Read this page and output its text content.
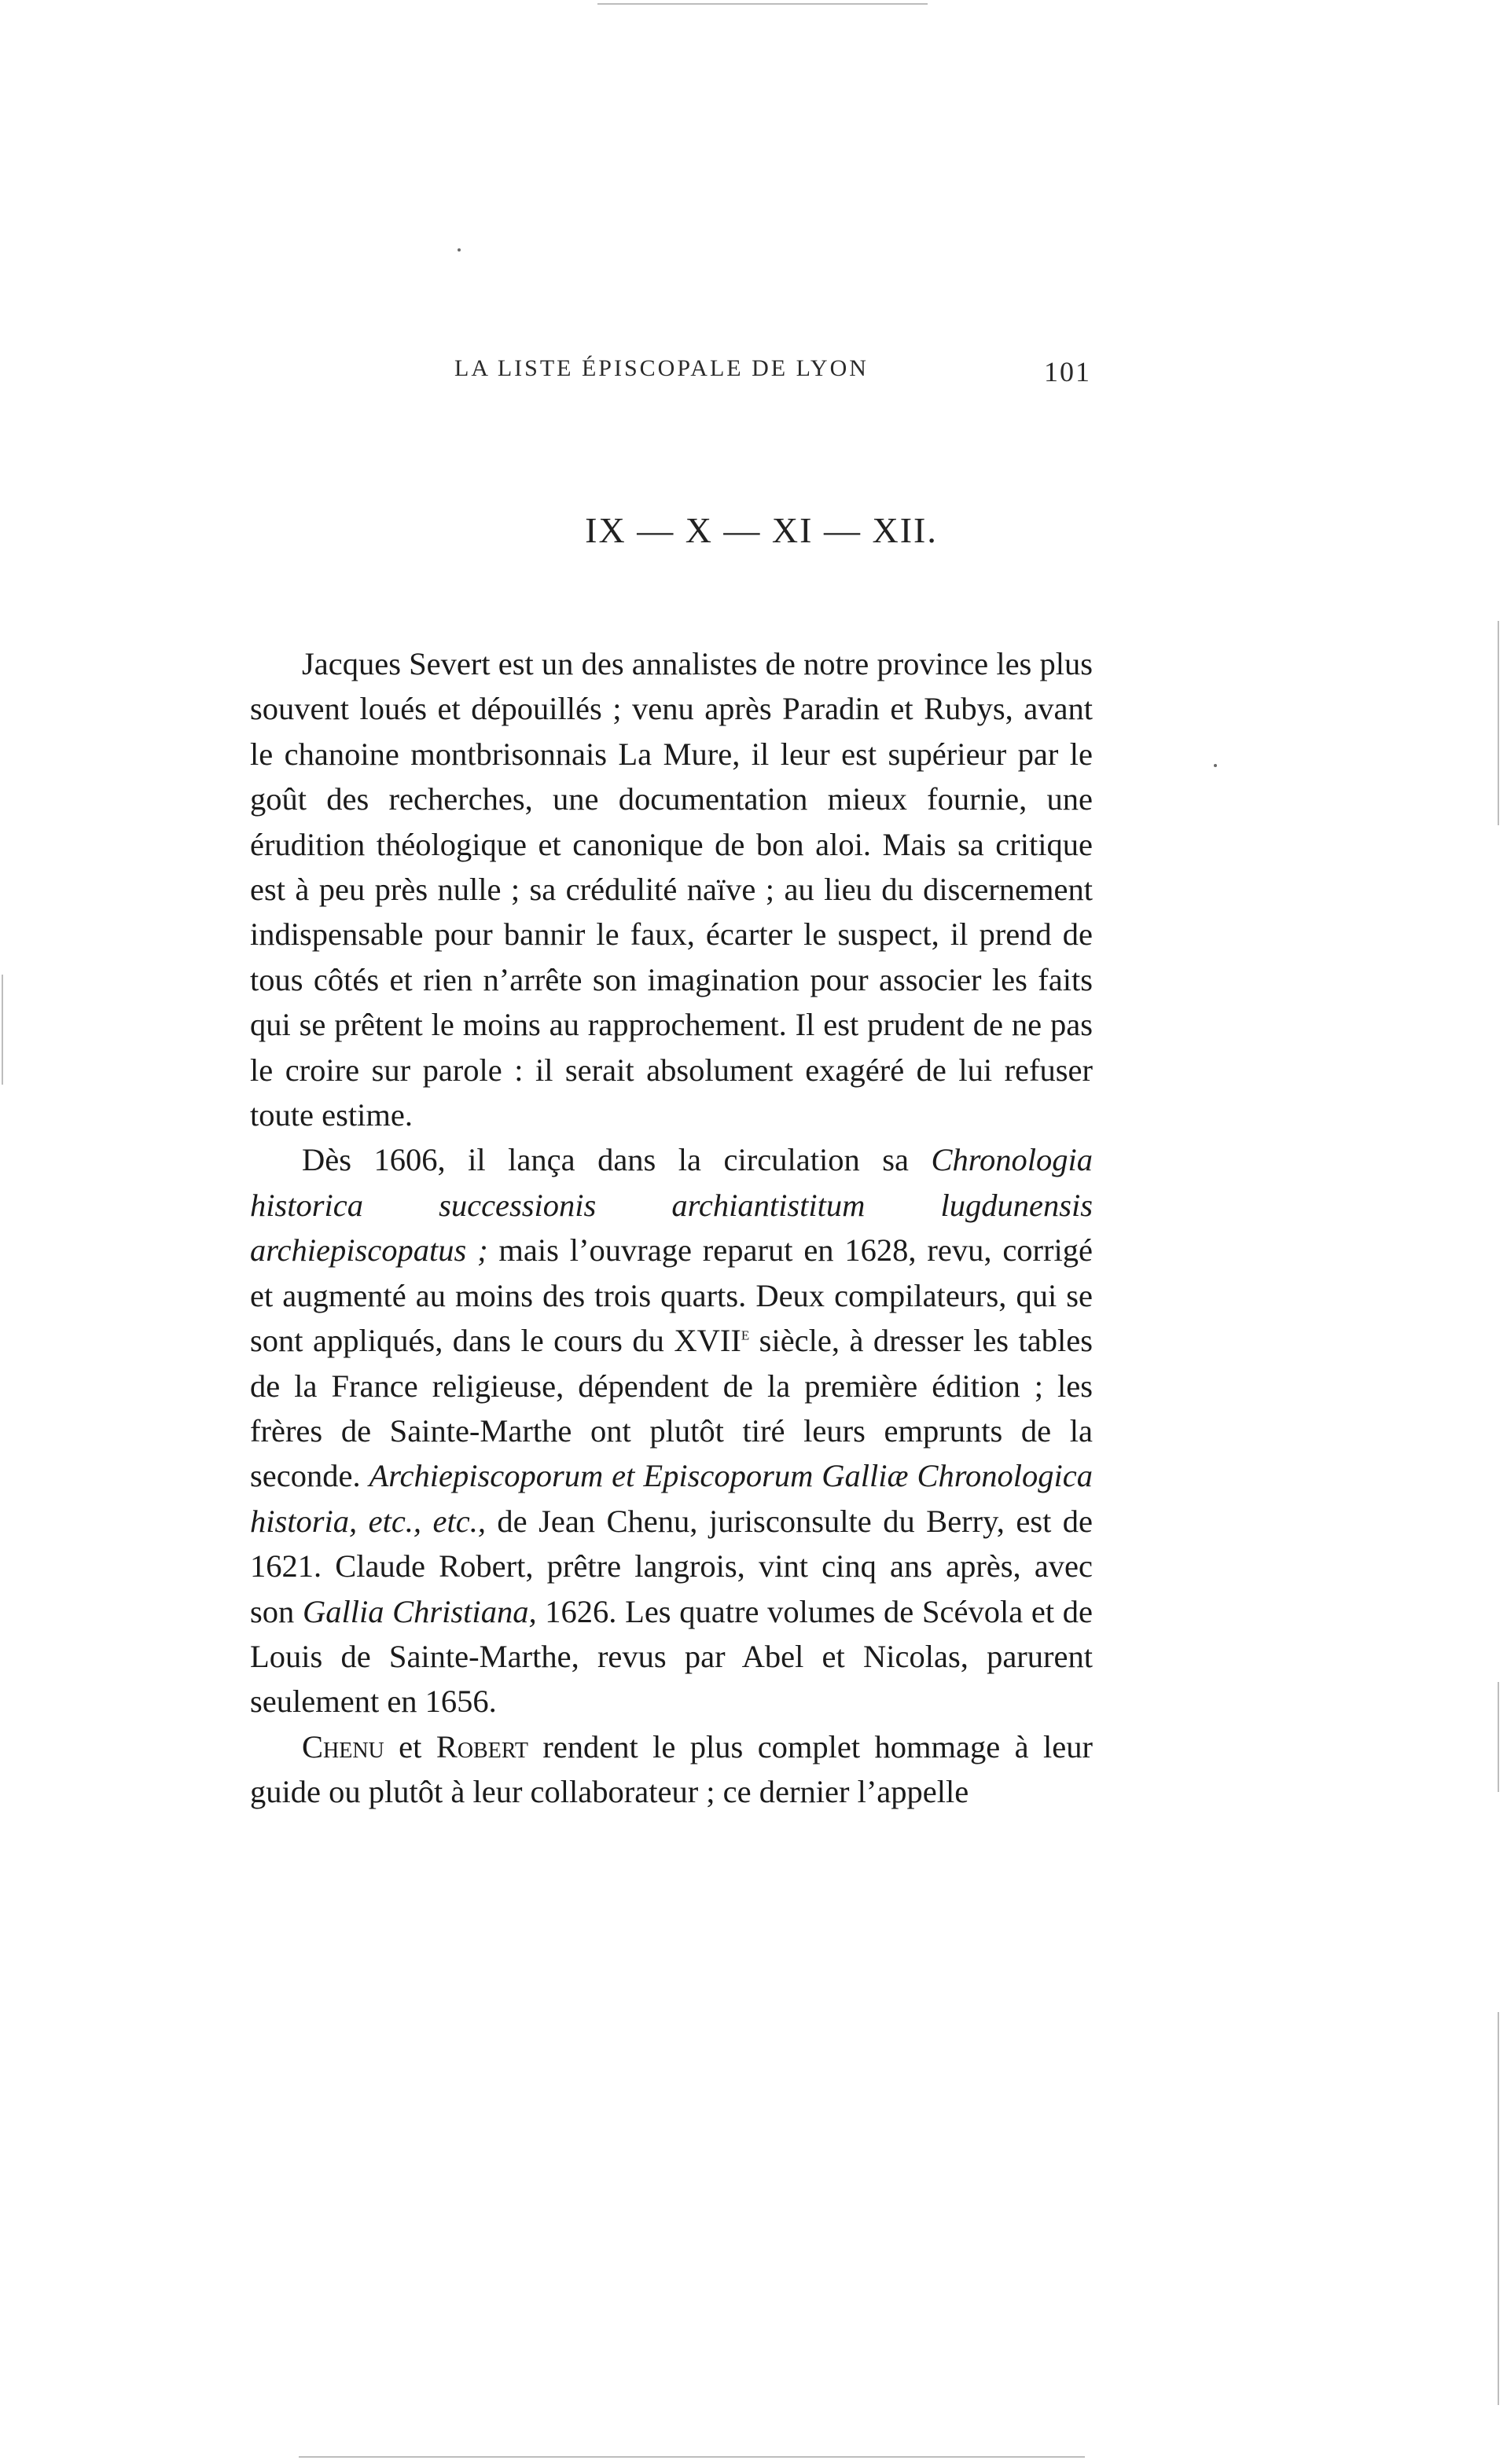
LA LISTE ÉPISCOPALE DE LYON	101
IX — X — XI — XII.

Jacques Severt est un des annalistes de notre province les plus souvent loués et dépouillés ; venu après Paradin et Rubys, avant le chanoine montbrisonnais La Mure, il leur est supérieur par le goût des recherches, une documentation mieux fournie, une érudition théologique et canonique de bon aloi. Mais sa critique est à peu près nulle ; sa crédulité naïve ; au lieu du discernement indispensable pour bannir le faux, écarter le suspect, il prend de tous côtés et rien n’arrête son imagination pour associer les faits qui se prêtent le moins au rapprochement. Il est prudent de ne pas le croire sur parole : il serait absolument exagéré de lui refuser toute estime.

Dès 1606, il lança dans la circulation sa Chronologia historica successionis archiantistitum lugdunensis archiepiscopatus ; mais l’ouvrage reparut en 1628, revu, corrigé et augmenté au moins des trois quarts. Deux compilateurs, qui se sont appliqués, dans le cours du XVIIe siècle, à dresser les tables de la France religieuse, dépendent de la première édition ; les frères de Sainte-Marthe ont plutôt tiré leurs emprunts de la seconde. Archiepiscoporum et Episcoporum Galliæ Chronologica historia, etc., etc., de Jean Chenu, jurisconsulte du Berry, est de 1621. Claude Robert, prêtre langrois, vint cinq ans après, avec son Gallia Christiana, 1626. Les quatre volumes de Scévola et de Louis de Sainte-Marthe, revus par Abel et Nicolas, parurent seulement en 1656.

Chenu et Robert rendent le plus complet hommage à leur guide ou plutôt à leur collaborateur ; ce dernier l’appelle
